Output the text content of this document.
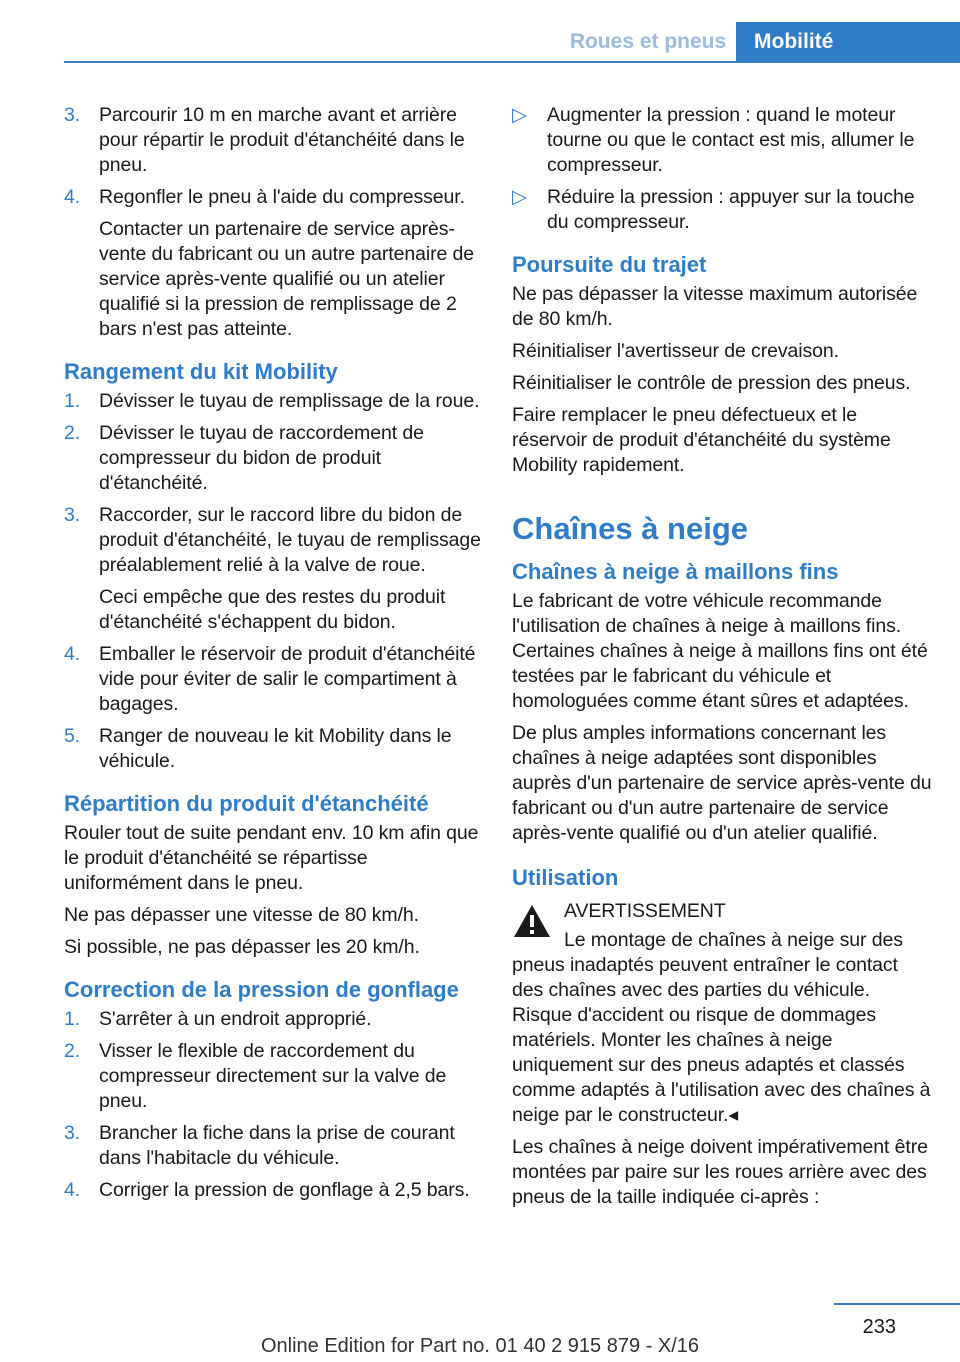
Roues et pneus	Mobilité
3. Parcourir 10 m en marche avant et arrière pour répartir le produit d'étanchéité dans le pneu.
4. Regonfler le pneu à l'aide du compresseur.

Contacter un partenaire de service après-vente du fabricant ou un autre partenaire de service après-vente qualifié ou un atelier qualifié si la pression de remplissage de 2 bars n'est pas atteinte.

Rangement du kit Mobility
1. Dévisser le tuyau de remplissage de la roue.
2. Dévisser le tuyau de raccordement de compresseur du bidon de produit d'étanchéité.
3. Raccorder, sur le raccord libre du bidon de produit d'étanchéité, le tuyau de remplissage préalablement relié à la valve de roue.

Ceci empêche que des restes du produit d'étanchéité s'échappent du bidon.

4. Emballer le réservoir de produit d'étanchéité vide pour éviter de salir le compartiment à bagages.
5. Ranger de nouveau le kit Mobility dans le véhicule.
Répartition du produit d'étanchéité

Rouler tout de suite pendant env. 10 km afin que le produit d'étanchéité se répartisse uniformément dans le pneu.

Ne pas dépasser une vitesse de 80 km/h.

Si possible, ne pas dépasser les 20 km/h.

Correction de la pression de gonflage
1. S'arrêter à un endroit approprié.
2. Visser le flexible de raccordement du compresseur directement sur la valve de pneu.
3. Brancher la fiche dans la prise de courant dans l'habitacle du véhicule.
4. Corriger la pression de gonflage à 2,5 bars.
▷ Augmenter la pression : quand le moteur tourne ou que le contact est mis, allumer le compresseur.
▷ Réduire la pression : appuyer sur la touche du compresseur.
Poursuite du trajet

Ne pas dépasser la vitesse maximum autorisée de 80 km/h.

Réinitialiser l'avertisseur de crevaison.

Réinitialiser le contrôle de pression des pneus.

Faire remplacer le pneu défectueux et le réservoir de produit d'étanchéité du système Mobility rapidement.

Chaînes à neige
Chaînes à neige à maillons fins

Le fabricant de votre véhicule recommande l'utilisation de chaînes à neige à maillons fins. Certaines chaînes à neige à maillons fins ont été testées par le fabricant du véhicule et homologuées comme étant sûres et adaptées.

De plus amples informations concernant les chaînes à neige adaptées sont disponibles auprès d'un partenaire de service après-vente du fabricant ou d'un autre partenaire de service après-vente qualifié ou d'un atelier qualifié.

Utilisation
AVERTISSEMENT

Le montage de chaînes à neige sur des pneus inadaptés peuvent entraîner le contact des chaînes avec des parties du véhicule. Risque d'accident ou risque de dommages matériels. Monter les chaînes à neige uniquement sur des pneus adaptés et classés comme adaptés à l'utilisation avec des chaînes à neige par le constructeur.◂

Les chaînes à neige doivent impérativement être montées par paire sur les roues arrière avec des pneus de la taille indiquée ci-après :

233
Online Edition for Part no. 01 40 2 915 879 - X/16
